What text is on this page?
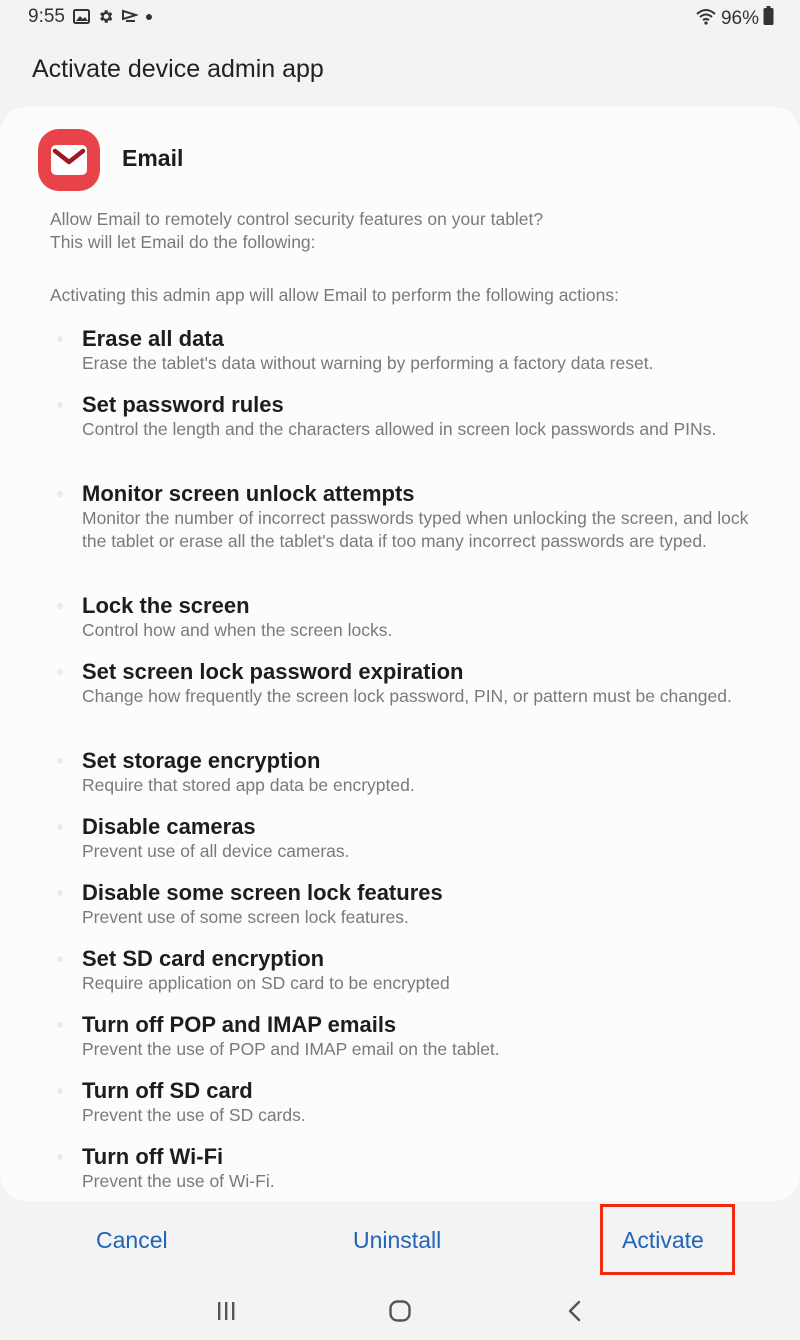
9:55	96%
Activate device admin app
Email
Allow Email to remotely control security features on your tablet?
This will let Email do the following:
Activating this admin app will allow Email to perform the following actions:
Erase all data
Erase the tablet's data without warning by performing a factory data reset.
Set password rules
Control the length and the characters allowed in screen lock passwords and PINs.
Monitor screen unlock attempts
Monitor the number of incorrect passwords typed when unlocking the screen, and lock the tablet or erase all the tablet's data if too many incorrect passwords are typed.
Lock the screen
Control how and when the screen locks.
Set screen lock password expiration
Change how frequently the screen lock password, PIN, or pattern must be changed.
Set storage encryption
Require that stored app data be encrypted.
Disable cameras
Prevent use of all device cameras.
Disable some screen lock features
Prevent use of some screen lock features.
Set SD card encryption
Require application on SD card to be encrypted
Turn off POP and IMAP emails
Prevent the use of POP and IMAP email on the tablet.
Turn off SD card
Prevent the use of SD cards.
Turn off Wi-Fi
Prevent the use of Wi-Fi.
Cancel	Uninstall	Activate
